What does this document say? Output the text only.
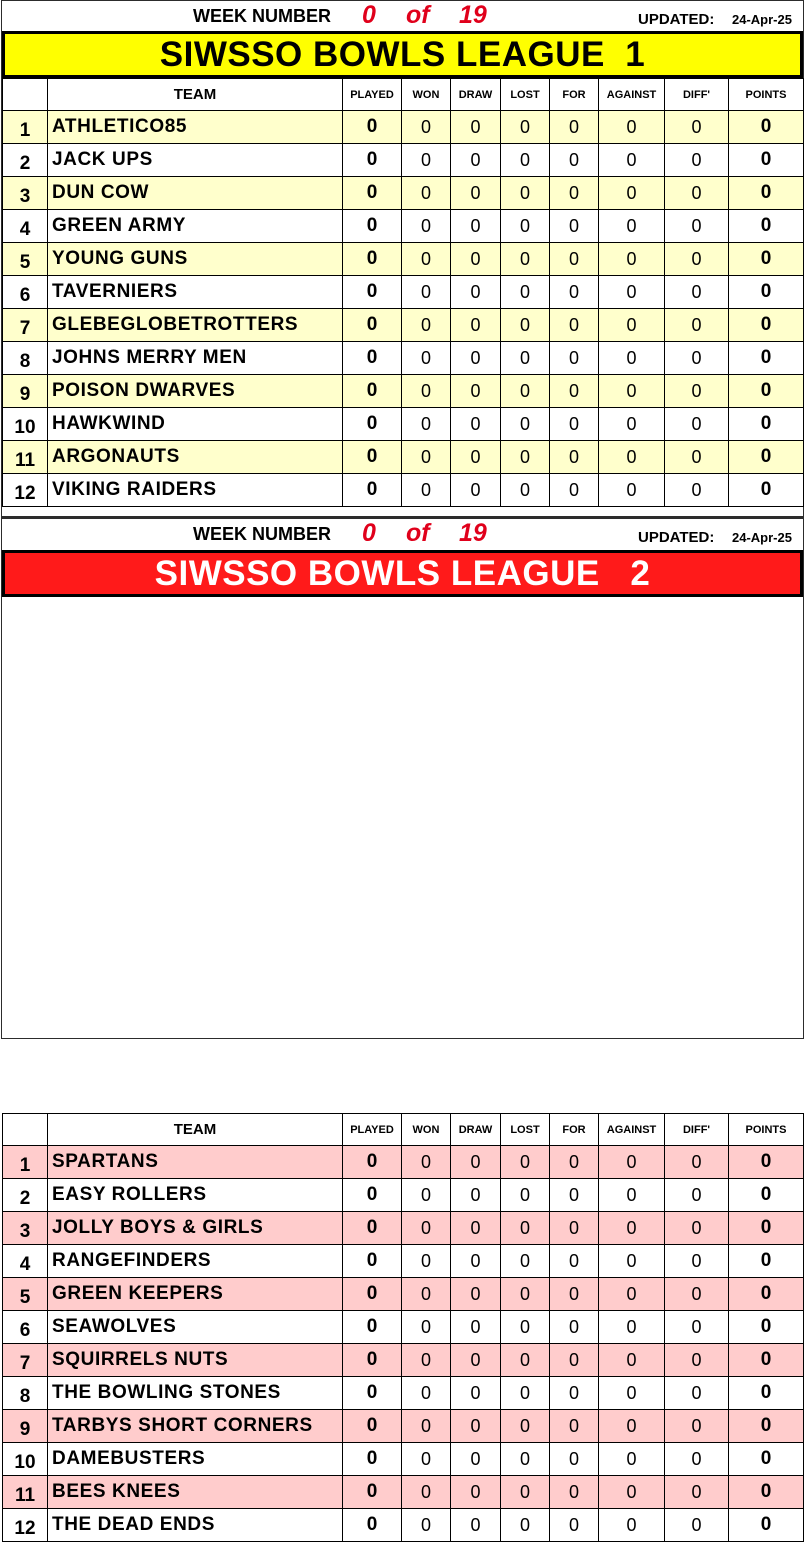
WEEK NUMBER 0 of 19	UPDATED: 24-Apr-25
SIWSSO BOWLS LEAGUE  1
	TEAM	PLAYED	WON	DRAW	LOST	FOR	AGAINST	DIFF'	POINTS
1	ATHLETICO85	0	0	0	0	0	0	0	0
2	JACK UPS	0	0	0	0	0	0	0	0
3	DUN COW	0	0	0	0	0	0	0	0
4	GREEN ARMY	0	0	0	0	0	0	0	0
5	YOUNG GUNS	0	0	0	0	0	0	0	0
6	TAVERNIERS	0	0	0	0	0	0	0	0
7	GLEBEGLOBETROTTERS	0	0	0	0	0	0	0	0
8	JOHNS MERRY MEN	0	0	0	0	0	0	0	0
9	POISON DWARVES	0	0	0	0	0	0	0	0
10	HAWKWIND	0	0	0	0	0	0	0	0
11	ARGONAUTS	0	0	0	0	0	0	0	0
12	VIKING RAIDERS	0	0	0	0	0	0	0	0
WEEK NUMBER 0 of 19	UPDATED: 24-Apr-25
SIWSSO BOWLS LEAGUE   2
	TEAM	PLAYED	WON	DRAW	LOST	FOR	AGAINST	DIFF'	POINTS
1	SPARTANS	0	0	0	0	0	0	0	0
2	EASY ROLLERS	0	0	0	0	0	0	0	0
3	JOLLY BOYS & GIRLS	0	0	0	0	0	0	0	0
4	RANGEFINDERS	0	0	0	0	0	0	0	0
5	GREEN KEEPERS	0	0	0	0	0	0	0	0
6	SEAWOLVES	0	0	0	0	0	0	0	0
7	SQUIRRELS NUTS	0	0	0	0	0	0	0	0
8	THE BOWLING STONES	0	0	0	0	0	0	0	0
9	TARBYS SHORT CORNERS	0	0	0	0	0	0	0	0
10	DAMEBUSTERS	0	0	0	0	0	0	0	0
11	BEES KNEES	0	0	0	0	0	0	0	0
12	THE DEAD ENDS	0	0	0	0	0	0	0	0
